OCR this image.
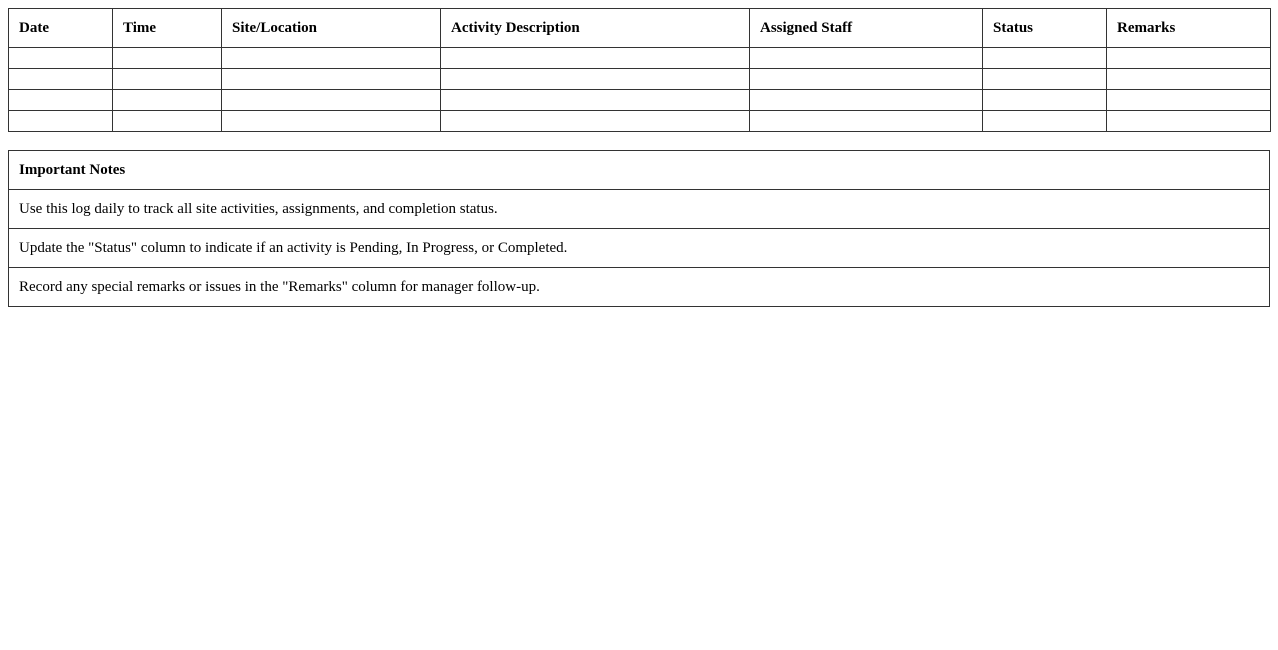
Date	Time	Site/Location	Activity Description	Assigned Staff	Status	Remarks

Important Notes
Use this log daily to track all site activities, assignments, and completion status.
Update the "Status" column to indicate if an activity is Pending, In Progress, or Completed.
Record any special remarks or issues in the "Remarks" column for manager follow-up.
